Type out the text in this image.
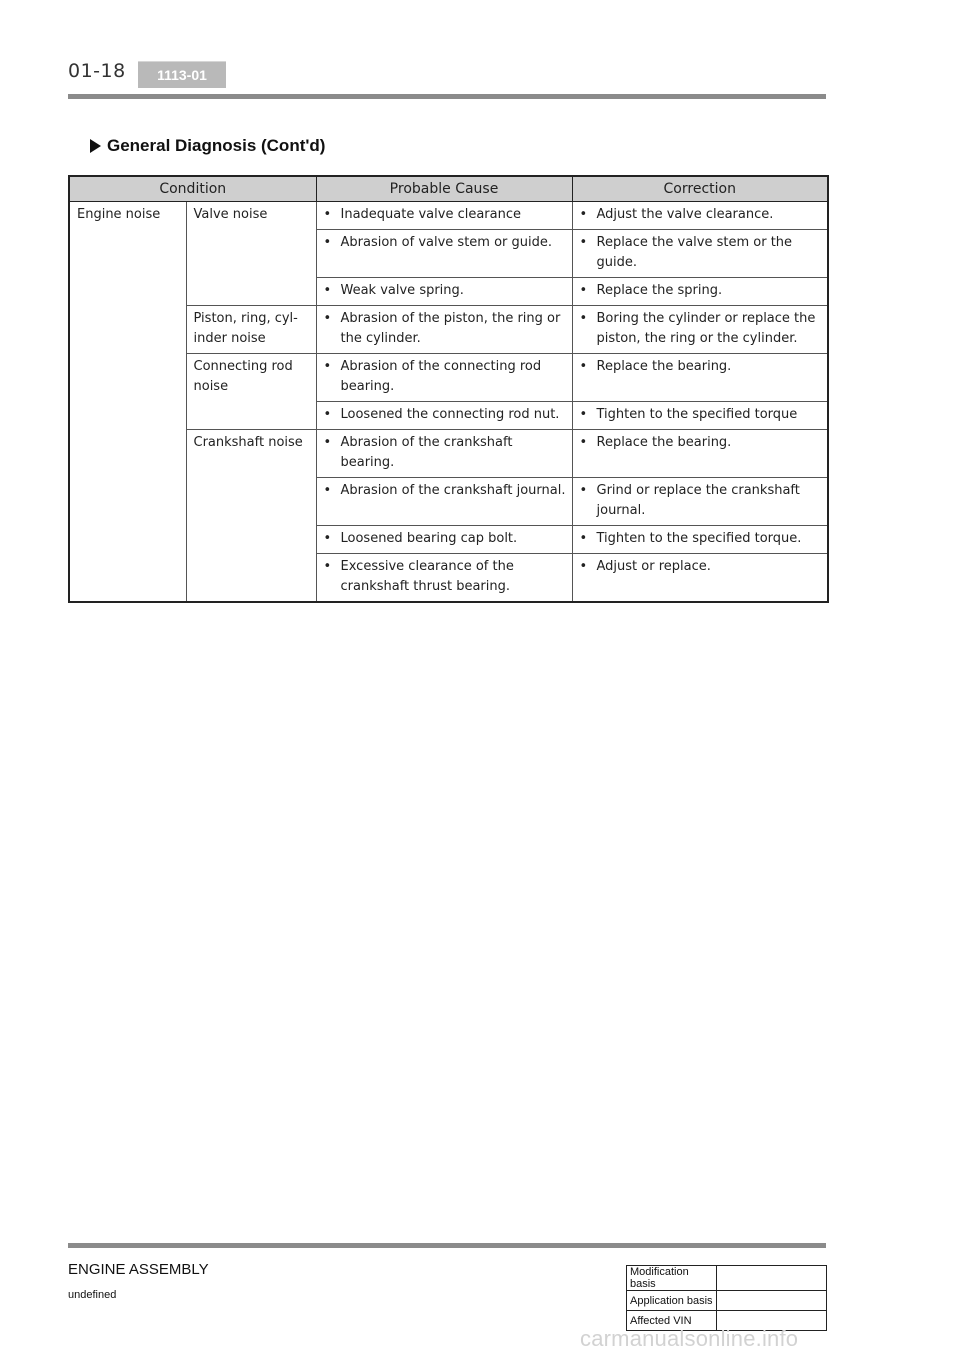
01-18	1113-01
General Diagnosis (Cont'd)
Condition		Probable Cause	Correction
Engine noise	Valve noise	• Inadequate valve clearance	• Adjust the valve clearance.

		• Abrasion of valve stem or guide.	• Replace the valve stem or the guide.

		• Weak valve spring.	• Replace the spring.

	Piston, ring, cyl-inder noise	• Abrasion of the piston, the ring or the cylinder.	• Boring the cylinder or replace the piston, the ring or the cylinder.

	Connecting rod noise	• Abrasion of the connecting rod bearing.	• Replace the bearing.

		• Loosened the connecting rod nut.	• Tighten to the specified torque

	Crankshaft noise	• Abrasion of the crankshaft bearing.	• Replace the bearing.

		• Abrasion of the crankshaft journal.	• Grind or replace the crankshaft journal.

		• Loosened bearing cap bolt.	• Tighten to the specified torque.

		• Excessive clearance of the crankshaft thrust bearing.	• Adjust or replace.
ENGINE ASSEMBLY
undefined
Modification basis	
Application basis	
Affected VIN	
carmanualsonline.info
